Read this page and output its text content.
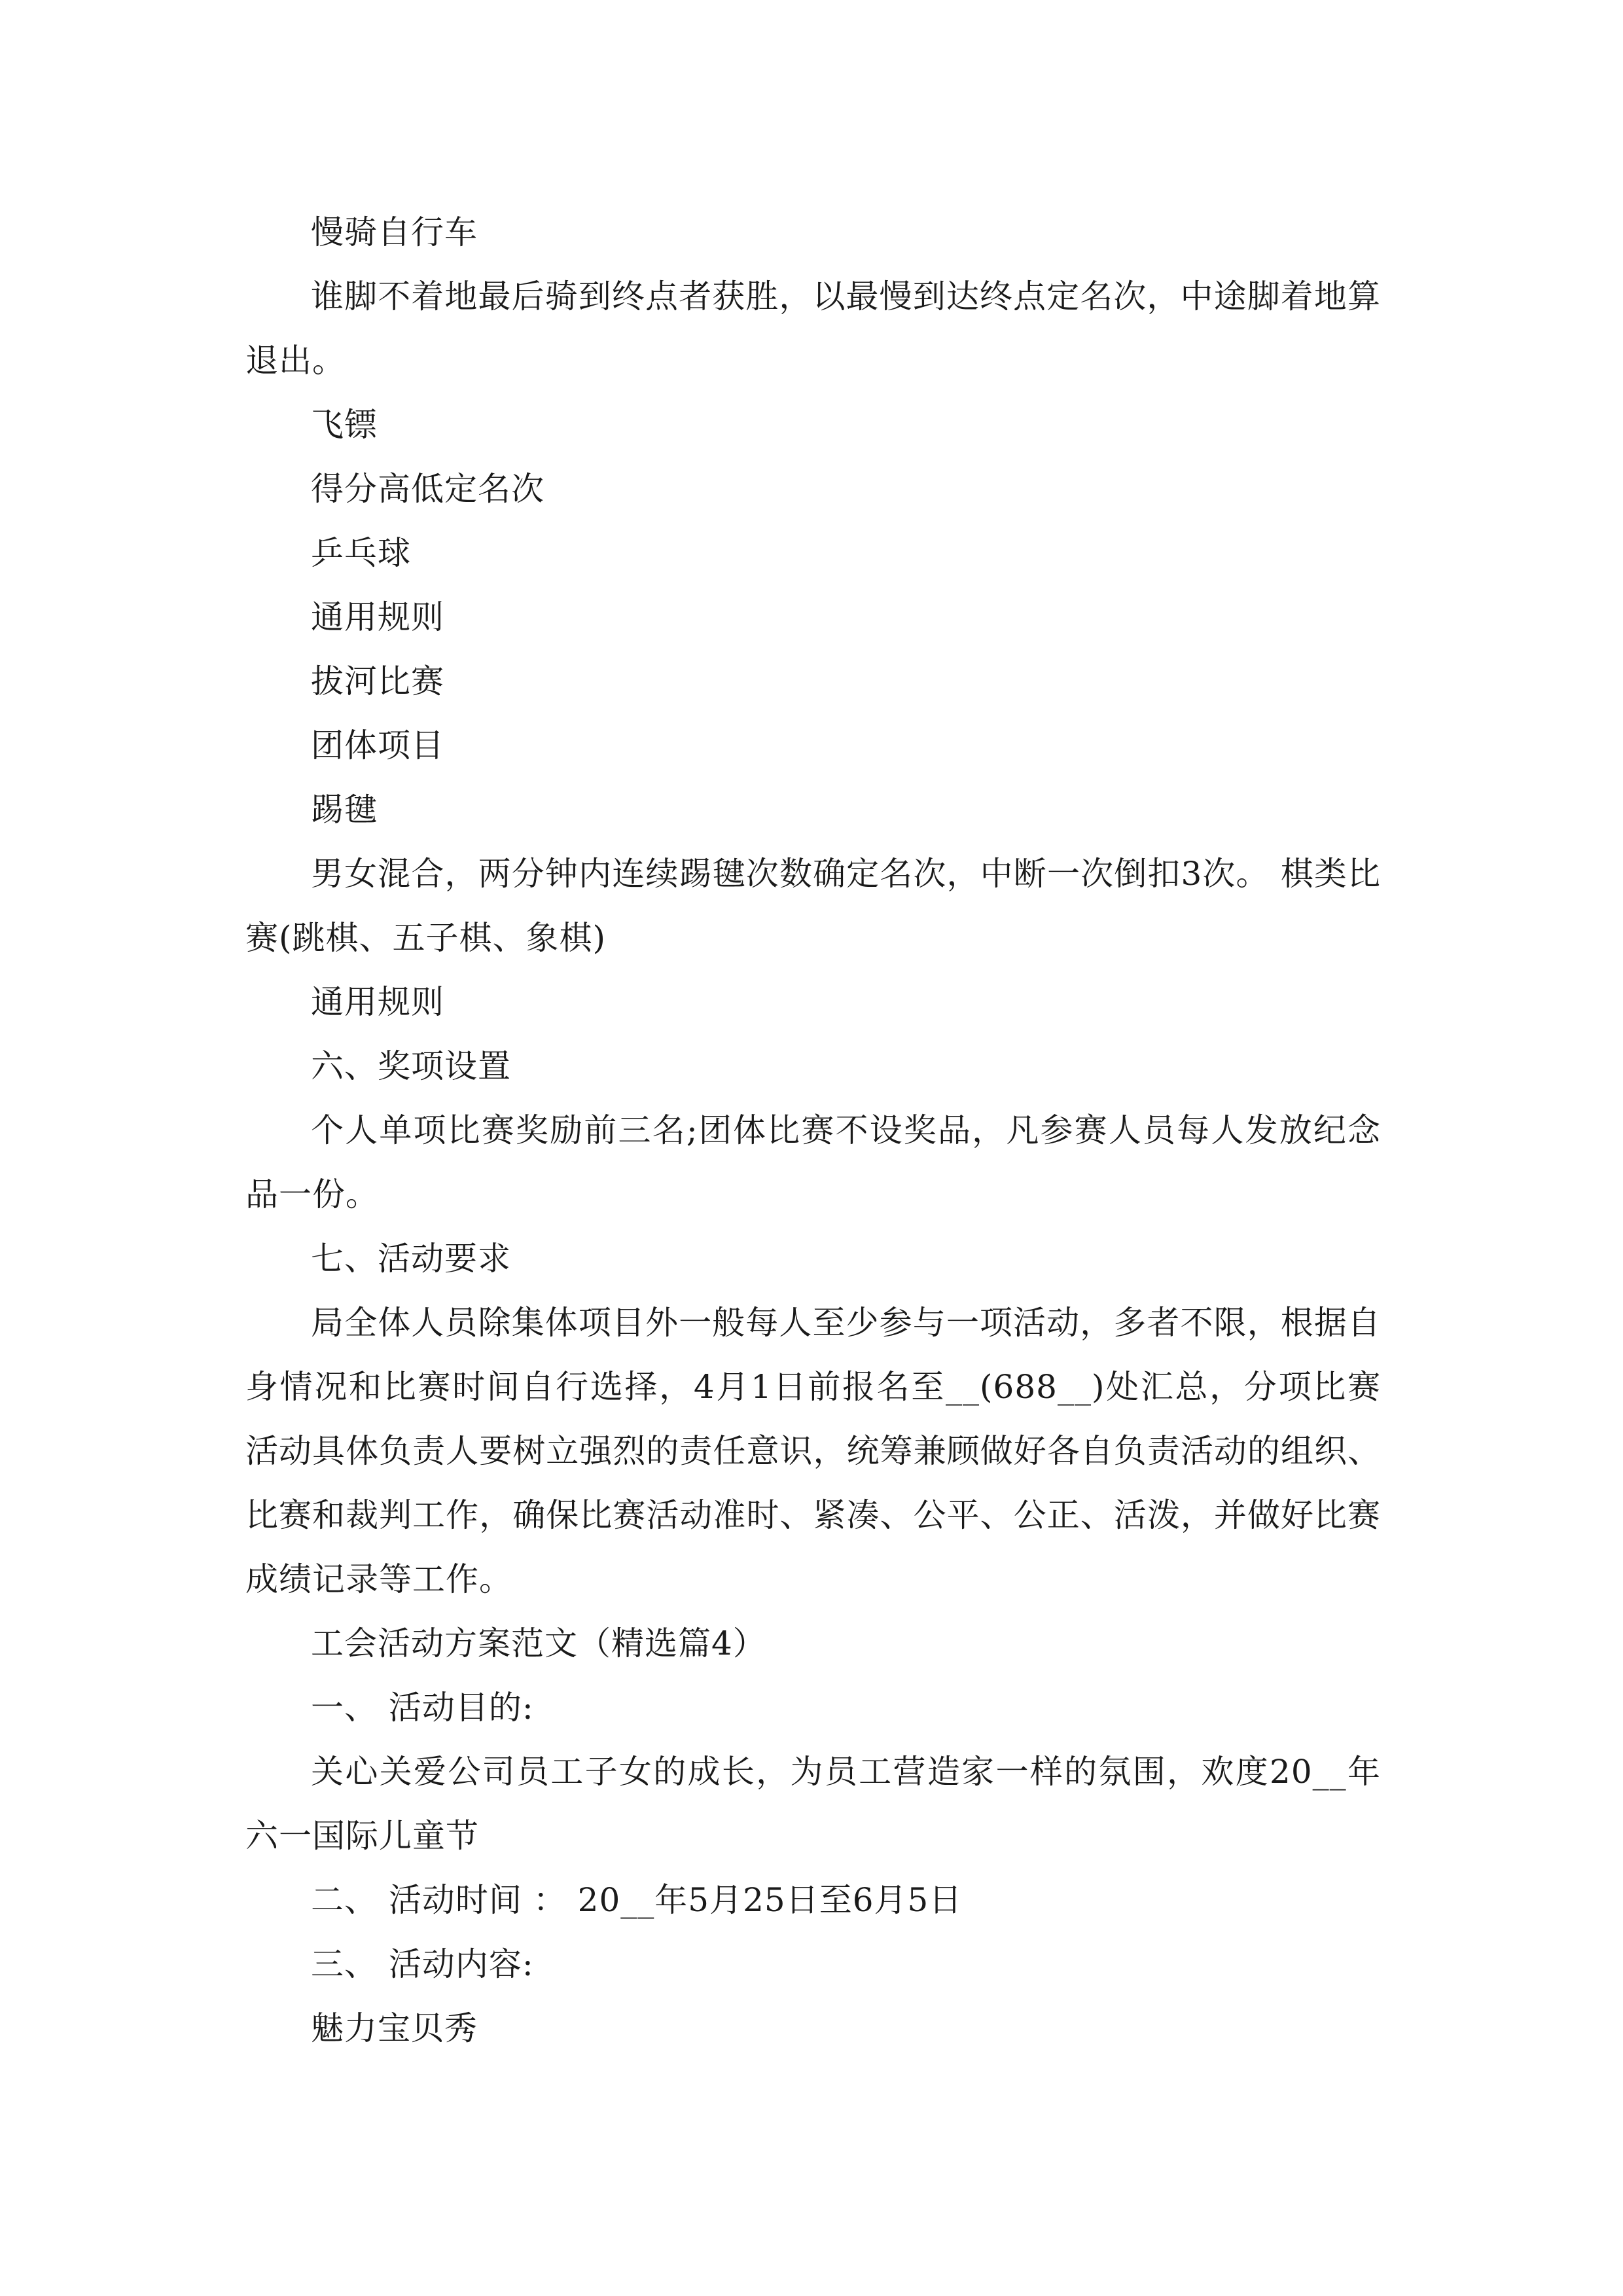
慢骑自行车

谁脚不着地最后骑到终点者获胜，以最慢到达终点定名次，中途脚着地算退出。

飞镖

得分高低定名次

乒乓球

通用规则

拔河比赛

团体项目

踢毽

男女混合，两分钟内连续踢毽次数确定名次，中断一次倒扣3次。 棋类比赛(跳棋、五子棋、象棋)

通用规则

六、奖项设置

个人单项比赛奖励前三名;团体比赛不设奖品，凡参赛人员每人发放纪念品一份。

七、活动要求

局全体人员除集体项目外一般每人至少参与一项活动，多者不限，根据自身情况和比赛时间自行选择，4月1日前报名至__(688__)处汇总，分项比赛活动具体负责人要树立强烈的责任意识，统筹兼顾做好各自负责活动的组织、比赛和裁判工作，确保比赛活动准时、紧凑、公平、公正、活泼，并做好比赛成绩记录等工作。

工会活动方案范文（精选篇4）

一、 活动目的:

关心关爱公司员工子女的成长，为员工营造家一样的氛围，欢度20__年六一国际儿童节

二、 活动时间 ： 20__年5月25日至6月5日

三、 活动内容:

魅力宝贝秀
